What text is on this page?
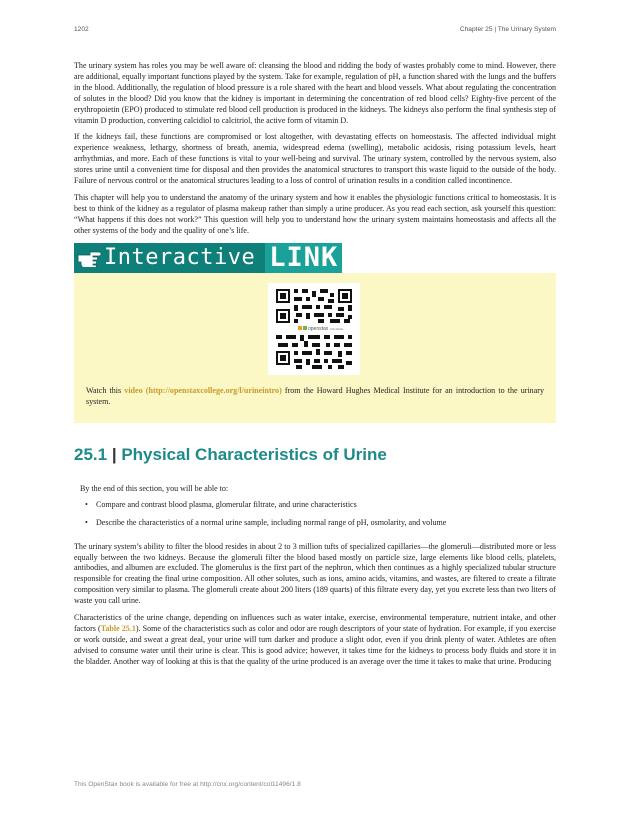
1202	Chapter 25 | The Urinary System

The urinary system has roles you may be well aware of: cleansing the blood and ridding the body of wastes probably come to mind. However, there are additional, equally important functions played by the system. Take for example, regulation of pH, a function shared with the lungs and the buffers in the blood. Additionally, the regulation of blood pressure is a role shared with the heart and blood vessels. What about regulating the concentration of solutes in the blood? Did you know that the kidney is important in determining the concentration of red blood cells? Eighty-five percent of the erythropoietin (EPO) produced to stimulate red blood cell production is produced in the kidneys. The kidneys also perform the final synthesis step of vitamin D production, converting calcidiol to calcitriol, the active form of vitamin D.

If the kidneys fail, these functions are compromised or lost altogether, with devastating effects on homeostasis. The affected individual might experience weakness, lethargy, shortness of breath, anemia, widespread edema (swelling), metabolic acidosis, rising potassium levels, heart arrhythmias, and more. Each of these functions is vital to your well-being and survival. The urinary system, controlled by the nervous system, also stores urine until a convenient time for disposal and then provides the anatomical structures to transport this waste liquid to the outside of the body. Failure of nervous control or the anatomical structures leading to a loss of control of urination results in a condition called incontinence.

This chapter will help you to understand the anatomy of the urinary system and how it enables the physiologic functions critical to homeostasis. It is best to think of the kidney as a regulator of plasma makeup rather than simply a urine producer. As you read each section, ask yourself this question: “What happens if this does not work?” This question will help you to understand how the urinary system maintains homeostasis and affects all the other systems of the body and the quality of one’s life.

Interactive LINK
openstax COLLEGE

Watch this video (http://openstaxcollege.org/l/urineintro) from the Howard Hughes Medical Institute for an introduction to the urinary system.

25.1 | Physical Characteristics of Urine
By the end of this section, you will be able to:
• Compare and contrast blood plasma, glomerular filtrate, and urine characteristics
• Describe the characteristics of a normal urine sample, including normal range of pH, osmolarity, and volume

The urinary system’s ability to filter the blood resides in about 2 to 3 million tufts of specialized capillaries—the glomeruli—distributed more or less equally between the two kidneys. Because the glomeruli filter the blood based mostly on particle size, large elements like blood cells, platelets, antibodies, and albumen are excluded. The glomerulus is the first part of the nephron, which then continues as a highly specialized tubular structure responsible for creating the final urine composition. All other solutes, such as ions, amino acids, vitamins, and wastes, are filtered to create a filtrate composition very similar to plasma. The glomeruli create about 200 liters (189 quarts) of this filtrate every day, yet you excrete less than two liters of waste you call urine.

Characteristics of the urine change, depending on influences such as water intake, exercise, environmental temperature, nutrient intake, and other factors (Table 25.1). Some of the characteristics such as color and odor are rough descriptors of your state of hydration. For example, if you exercise or work outside, and sweat a great deal, your urine will turn darker and produce a slight odor, even if you drink plenty of water. Athletes are often advised to consume water until their urine is clear. This is good advice; however, it takes time for the kidneys to process body fluids and store it in the bladder. Another way of looking at this is that the quality of the urine produced is an average over the time it takes to make that urine. Producing

This OpenStax book is available for free at http://cnx.org/content/col11496/1.8
